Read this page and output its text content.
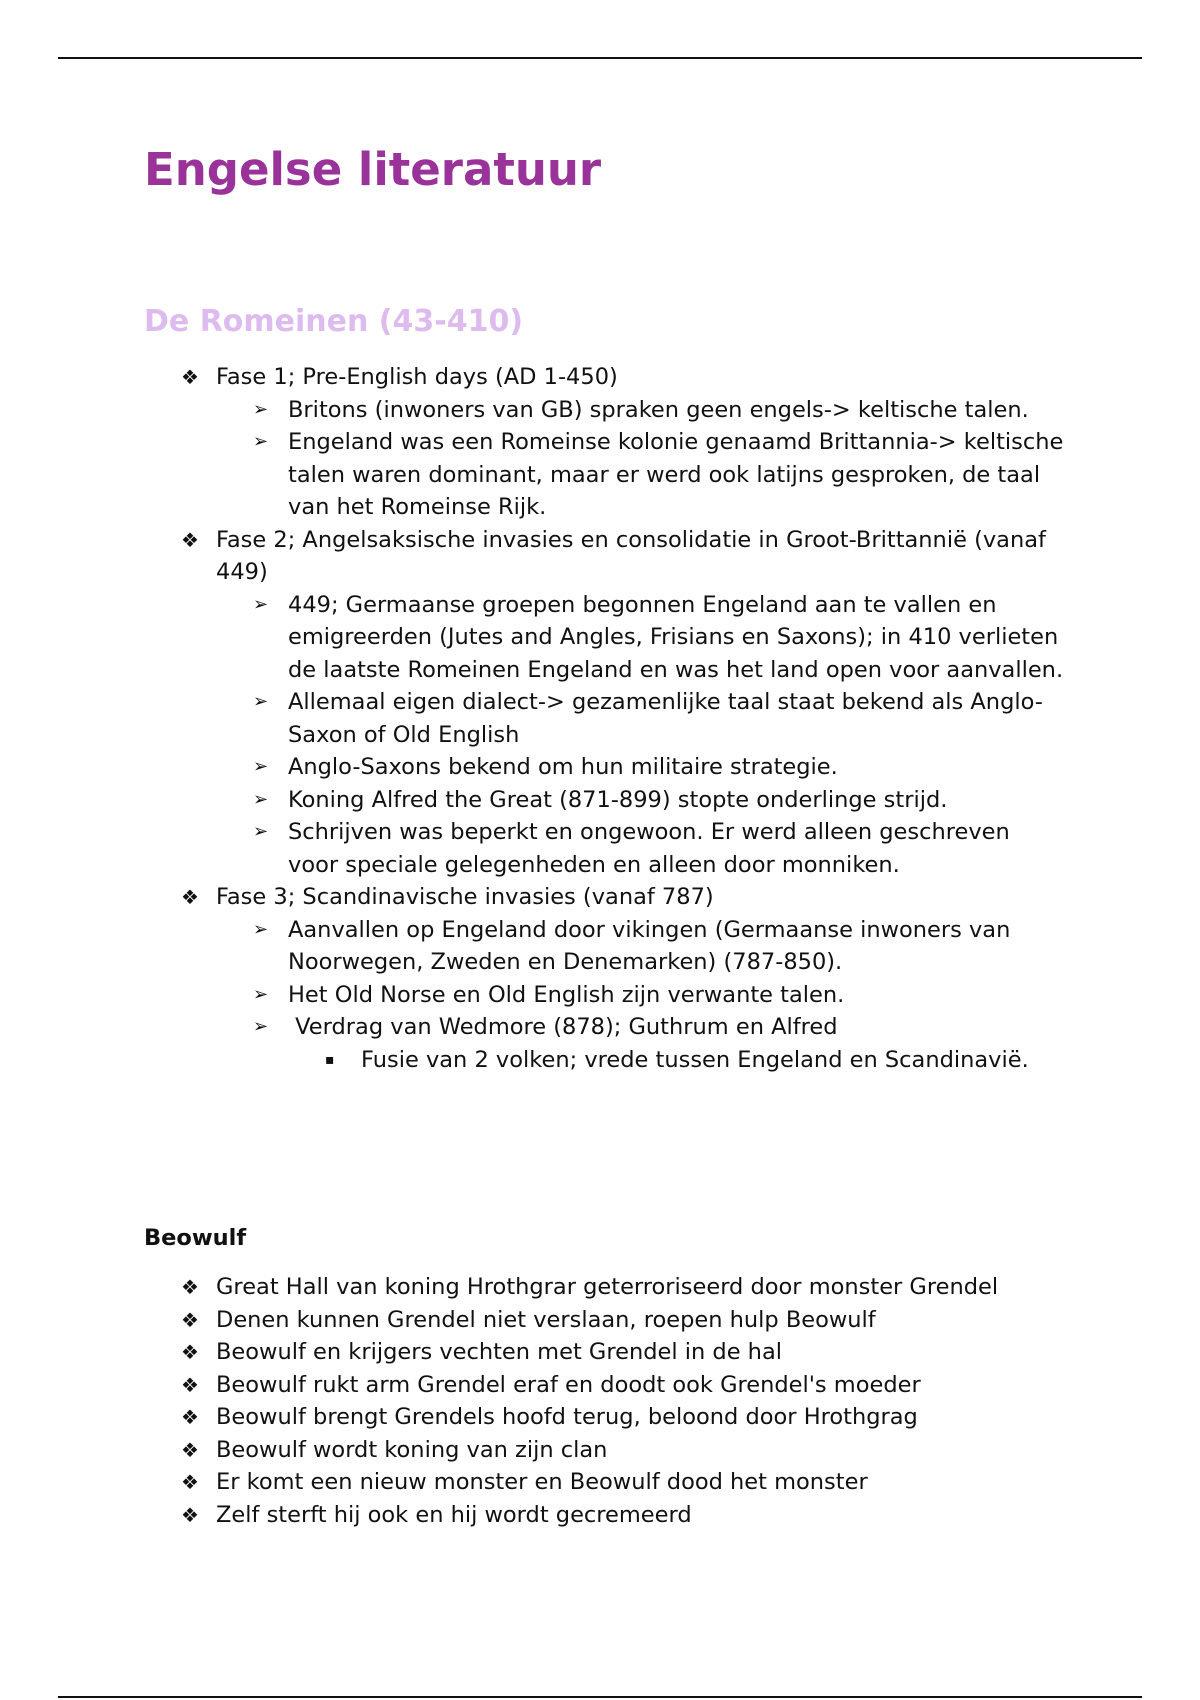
Engelse literatuur
De Romeinen (43-410)
❖ Fase 1; Pre-English days (AD 1-450)
➢ Britons (inwoners van GB) spraken geen engels-> keltische talen.
➢ Engeland was een Romeinse kolonie genaamd Brittannia-> keltische talen waren dominant, maar er werd ook latijns gesproken, de taal van het Romeinse Rijk.
❖ Fase 2; Angelsaksische invasies en consolidatie in Groot-Brittannië (vanaf 449)
➢ 449; Germaanse groepen begonnen Engeland aan te vallen en emigreerden (Jutes and Angles, Frisians en Saxons); in 410 verlieten de laatste Romeinen Engeland en was het land open voor aanvallen.
➢ Allemaal eigen dialect-> gezamenlijke taal staat bekend als Anglo-Saxon of Old English
➢ Anglo-Saxons bekend om hun militaire strategie.
➢ Koning Alfred the Great (871-899) stopte onderlinge strijd.
➢ Schrijven was beperkt en ongewoon. Er werd alleen geschreven voor speciale gelegenheden en alleen door monniken.
❖ Fase 3; Scandinavische invasies (vanaf 787)
➢ Aanvallen op Engeland door vikingen (Germaanse inwoners van Noorwegen, Zweden en Denemarken) (787-850).
➢ Het Old Norse en Old English zijn verwante talen.
➢ Verdrag van Wedmore (878); Guthrum en Alfred
▪ Fusie van 2 volken; vrede tussen Engeland en Scandinavië.
Beowulf
❖ Great Hall van koning Hrothgrar geterroriseerd door monster Grendel
❖ Denen kunnen Grendel niet verslaan, roepen hulp Beowulf
❖ Beowulf en krijgers vechten met Grendel in de hal
❖ Beowulf rukt arm Grendel eraf en doodt ook Grendel's moeder
❖ Beowulf brengt Grendels hoofd terug, beloond door Hrothgrag
❖ Beowulf wordt koning van zijn clan
❖ Er komt een nieuw monster en Beowulf dood het monster
❖ Zelf sterft hij ook en hij wordt gecremeerd
